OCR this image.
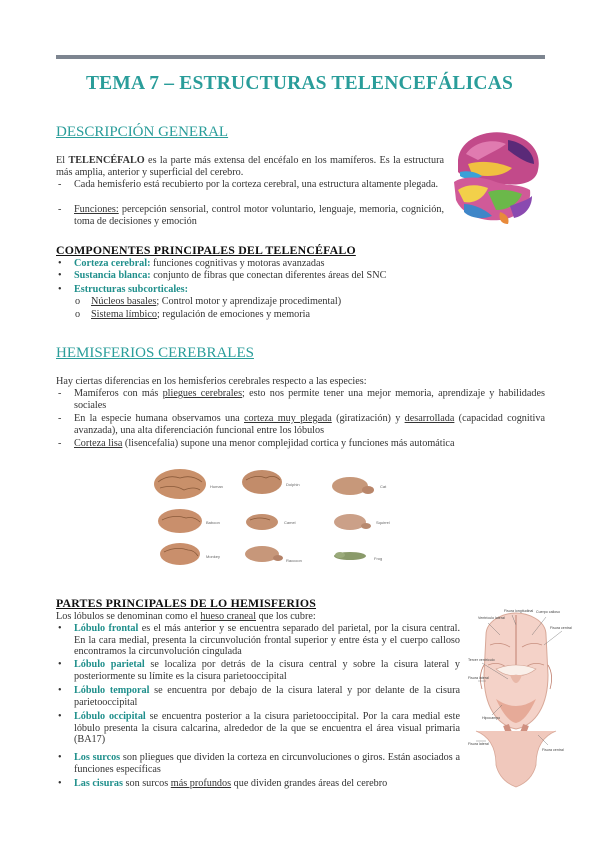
TEMA 7 – ESTRUCTURAS TELENCEFÁLICAS
DESCRIPCIÓN GENERAL
El TELENCÉFALO es la parte más extensa del encéfalo en los mamíferos. Es la estructura más amplia, anterior y superficial del cerebro.
- Cada hemisferio está recubierto por la corteza cerebral, una estructura altamente plegada.
- Funciones: percepción sensorial, control motor voluntario, lenguaje, memoria, cognición, toma de decisiones y emoción
COMPONENTES PRINCIPALES DEL TELENCÉFALO
• Corteza cerebral: funciones cognitivas y motoras avanzadas
• Sustancia blanca: conjunto de fibras que conectan diferentes áreas del SNC
• Estructuras subcorticales:
o Núcleos basales; Control motor y aprendizaje procedimental)
o Sistema límbico; regulación de emociones y memoria
HEMISFERIOS CEREBRALES
Hay ciertas diferencias en los hemisferios cerebrales respecto a las especies:
- Mamíferos con más pliegues cerebrales; esto nos permite tener una mejor memoria, aprendizaje y habilidades sociales
- En la especie humana observamos una corteza muy plegada (giratización) y desarrollada (capacidad cognitiva avanzada), una alta diferenciación funcional entre los lóbulos
- Corteza lisa (lisencefalia) supone una menor complejidad cortica y funciones más automática
Human	Dolphin	Cat
Baboon	Camel	Squirrel
Monkey
Raccoon	Frog
PARTES PRINCIPALES DE LO HEMISFERIOS
Los lóbulos se denominan como el hueso craneal que los cubre:
• Lóbulo frontal es el más anterior y se encuentra separado del parietal, por la cisura central. En la cara medial, presenta la circunvolución frontal superior y entre ésta y el cuerpo calloso encontramos la circunvolución cingulada
• Lóbulo parietal se localiza por detrás de la cisura central y sobre la cisura lateral y posteriormente su límite es la cisura parietooccipital
• Lóbulo temporal se encuentra por debajo de la cisura lateral y por delante de la cisura parietooccipital
• Lóbulo occipital se encuentra posterior a la cisura parietooccipital. Por la cara medial este lóbulo presenta la cisura calcarina, alrededor de la que se encuentra el área visual primaria (BA17)
• Los surcos son pliegues que dividen la corteza en circunvoluciones o giros. Están asociados a funciones específicas
• Las cisuras son surcos más profundos que dividen grandes áreas del cerebro
Ventrículo lateral
Fisura longitudinal Cuerpo calloso
Fisura central
Tercer ventrículo
Fisura lateral
Hipocampo
Fisura lateral
Fisura central
